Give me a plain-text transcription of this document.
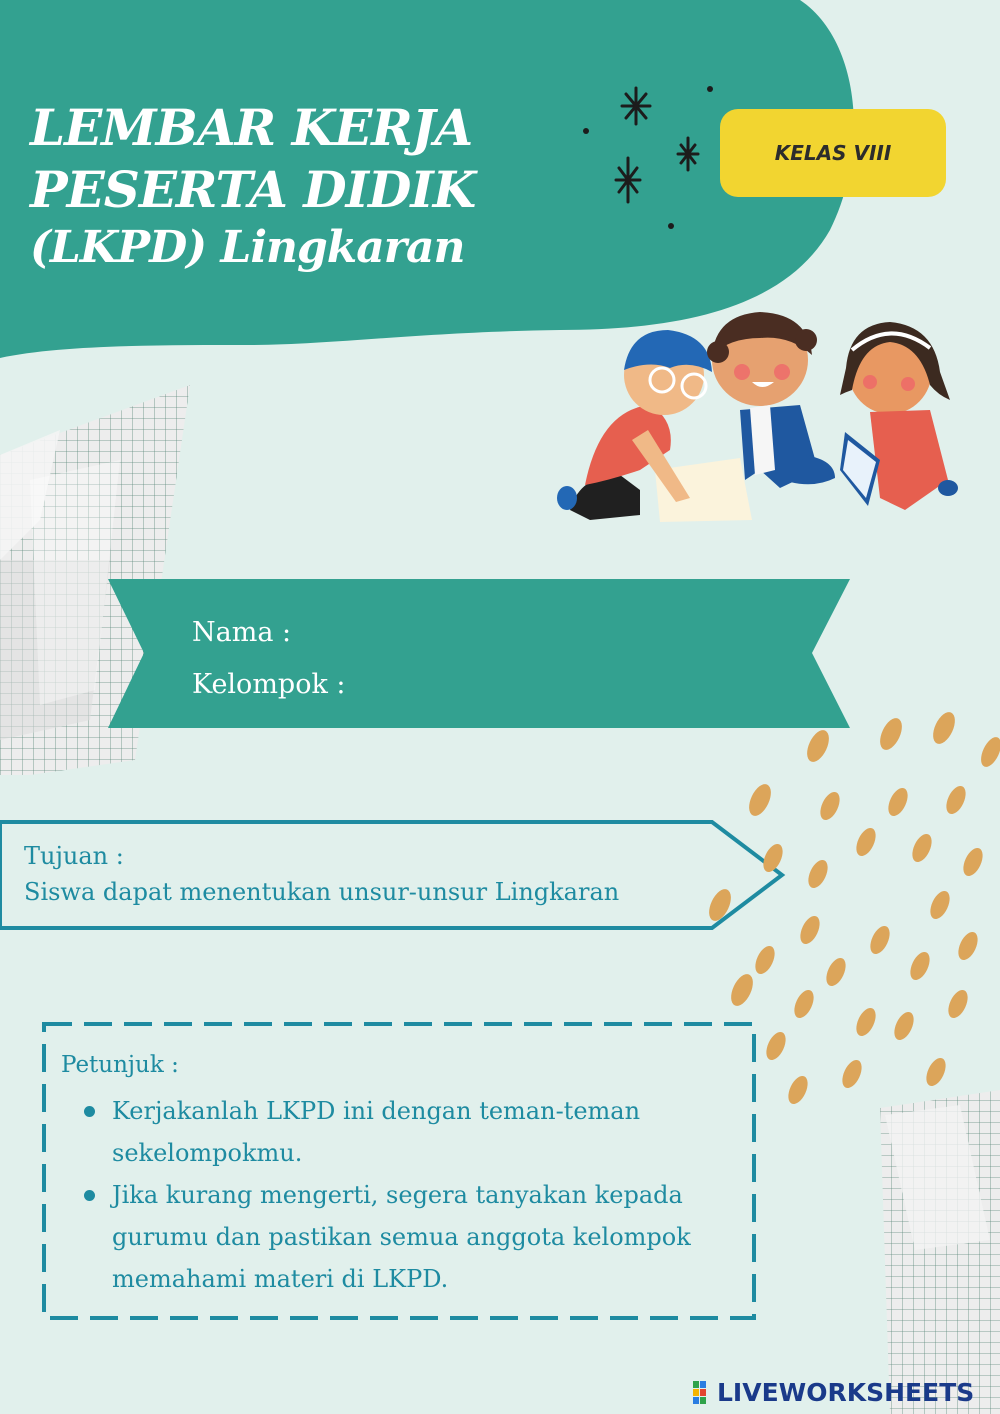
LEMBAR KERJA
PESERTA DIDIK
(LKPD) Lingkaran
KELAS VIII
Nama :
Kelompok :
Tujuan :
Siswa dapat menentukan unsur-unsur Lingkaran
Petunjuk :
Kerjakanlah LKPD ini dengan teman-teman sekelompokmu.
Jika kurang mengerti, segera tanyakan kepada gurumu dan pastikan semua anggota kelompok memahami materi di LKPD.
LIVEWORKSHEETS
